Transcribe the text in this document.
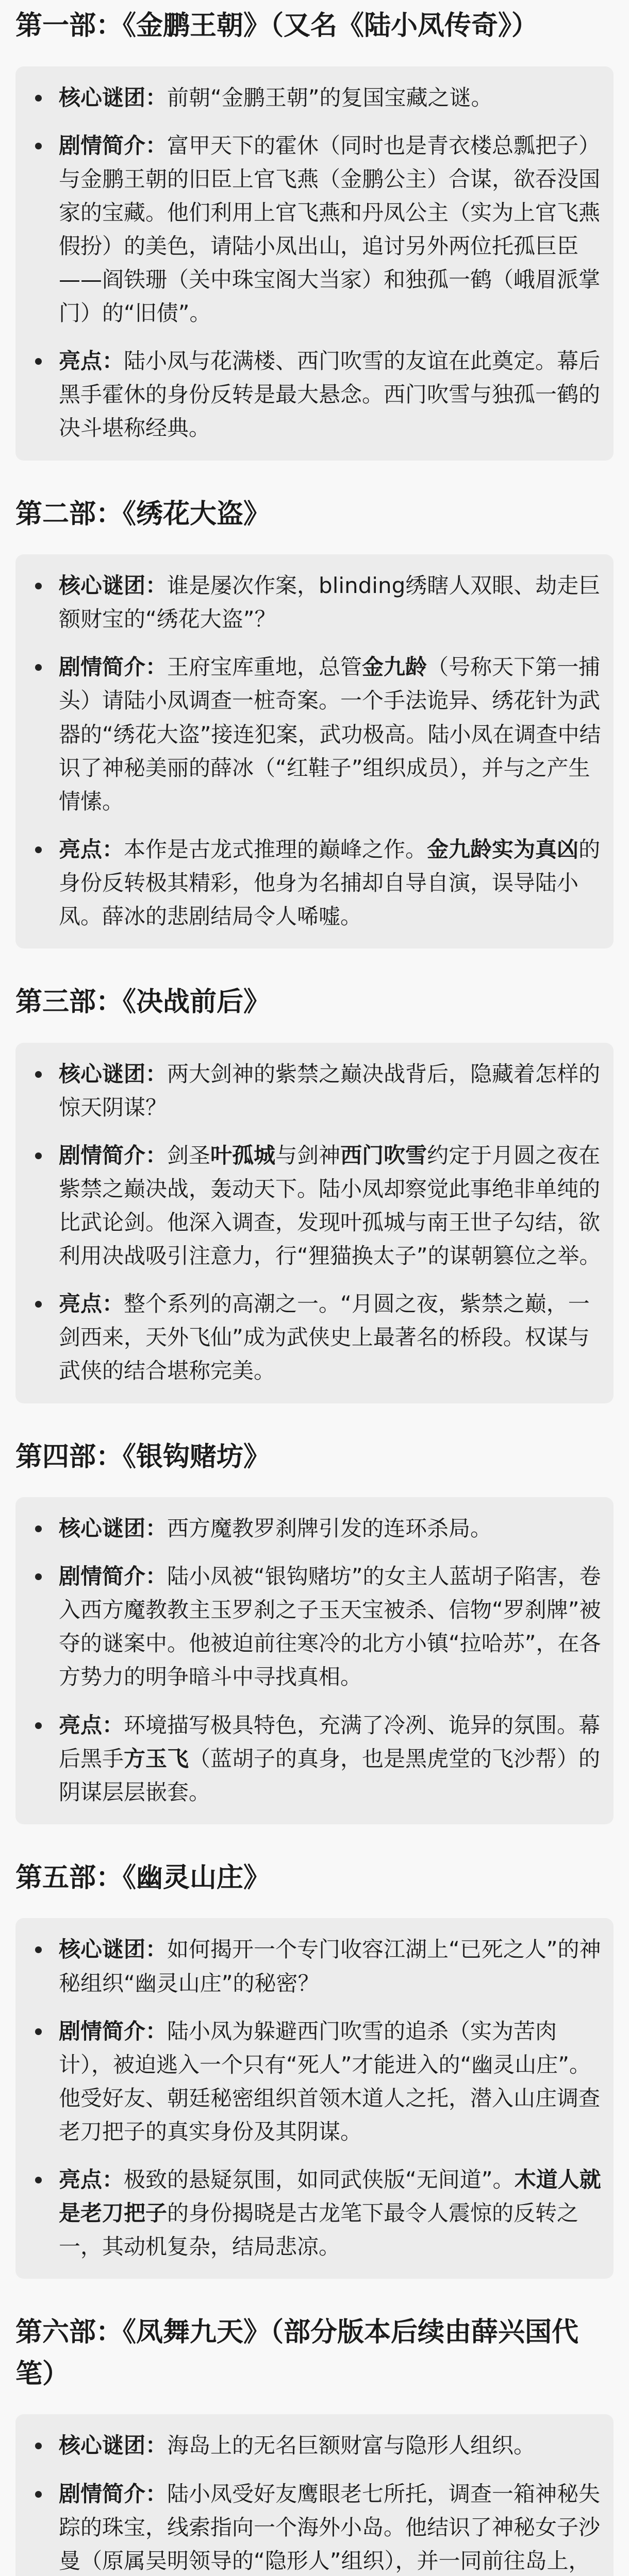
第一部：《金鹏王朝》（又名《陆小凤传奇》）
核心谜团：前朝“金鹏王朝”的复国宝藏之谜。
剧情简介：富甲天下的霍休（同时也是青衣楼总瓢把子）与金鹏王朝的旧臣上官飞燕（金鹏公主）合谋，欲吞没国家的宝藏。他们利用上官飞燕和丹凤公主（实为上官飞燕假扮）的美色，请陆小凤出山，追讨另外两位托孤巨臣——阎铁珊（关中珠宝阁大当家）和独孤一鹤（峨眉派掌门）的“旧债”。
亮点：陆小凤与花满楼、西门吹雪的友谊在此奠定。幕后黑手霍休的身份反转是最大悬念。西门吹雪与独孤一鹤的决斗堪称经典。
第二部：《绣花大盗》
核心谜团：谁是屡次作案，blinding绣瞎人双眼、劫走巨额财宝的“绣花大盗”？
剧情简介：王府宝库重地，总管金九龄（号称天下第一捕头）请陆小凤调查一桩奇案。一个手法诡异、绣花针为武器的“绣花大盗”接连犯案，武功极高。陆小凤在调查中结识了神秘美丽的薛冰（“红鞋子”组织成员），并与之产生情愫。
亮点：本作是古龙式推理的巅峰之作。金九龄实为真凶的身份反转极其精彩，他身为名捕却自导自演，误导陆小凤。薛冰的悲剧结局令人唏嘘。
第三部：《决战前后》
核心谜团：两大剑神的紫禁之巅决战背后，隐藏着怎样的惊天阴谋？
剧情简介：剑圣叶孤城与剑神西门吹雪约定于月圆之夜在紫禁之巅决战，轰动天下。陆小凤却察觉此事绝非单纯的比武论剑。他深入调查，发现叶孤城与南王世子勾结，欲利用决战吸引注意力，行“狸猫换太子”的谋朝篡位之举。
亮点：整个系列的高潮之一。“月圆之夜，紫禁之巅，一剑西来，天外飞仙”成为武侠史上最著名的桥段。权谋与武侠的结合堪称完美。
第四部：《银钩赌坊》
核心谜团：西方魔教罗刹牌引发的连环杀局。
剧情简介：陆小凤被“银钩赌坊”的女主人蓝胡子陷害，卷入西方魔教教主玉罗刹之子玉天宝被杀、信物“罗刹牌”被夺的谜案中。他被迫前往寒冷的北方小镇“拉哈苏”，在各方势力的明争暗斗中寻找真相。
亮点：环境描写极具特色，充满了冷冽、诡异的氛围。幕后黑手方玉飞（蓝胡子的真身，也是黑虎堂的飞沙帮）的阴谋层层嵌套。
第五部：《幽灵山庄》
核心谜团：如何揭开一个专门收容江湖上“已死之人”的神秘组织“幽灵山庄”的秘密？
剧情简介：陆小凤为躲避西门吹雪的追杀（实为苦肉计），被迫逃入一个只有“死人”才能进入的“幽灵山庄”。他受好友、朝廷秘密组织首领木道人之托，潜入山庄调查老刀把子的真实身份及其阴谋。
亮点：极致的悬疑氛围，如同武侠版“无间道”。木道人就是老刀把子的身份揭晓是古龙笔下最令人震惊的反转之一，其动机复杂，结局悲凉。
第六部：《凤舞九天》（部分版本后续由薛兴国代笔）
核心谜团：海岛上的无名巨额财富与隐形人组织。
剧情简介：陆小凤受好友鹰眼老七所托，调查一箱神秘失踪的珠宝，线索指向一个海外小岛。他结识了神秘女子沙曼（原属吴明领导的“隐形人”组织），并一同前往岛上，
